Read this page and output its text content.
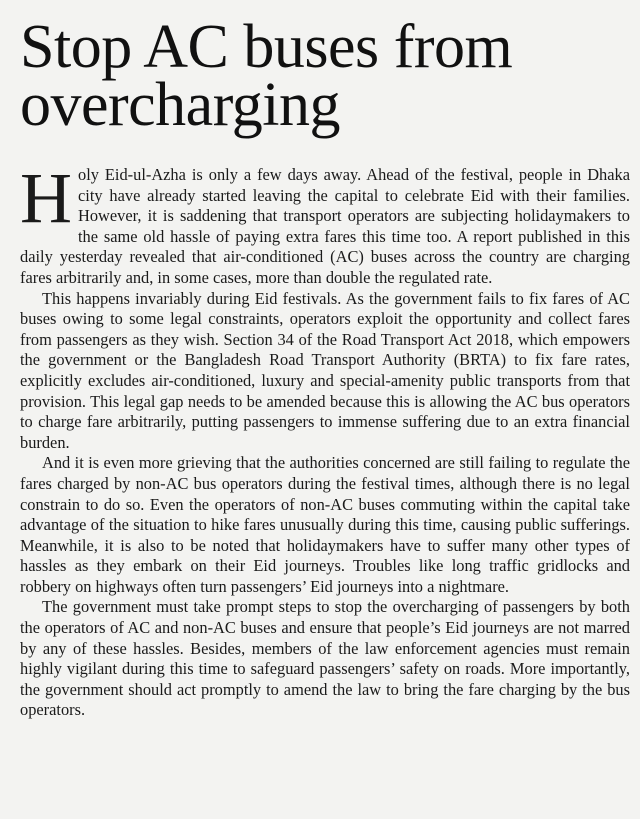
Stop AC buses from overcharging

Holy Eid-ul-Azha is only a few days away. Ahead of the festival, people in Dhaka city have already started leaving the capital to celebrate Eid with their families. However, it is saddening that transport operators are subjecting holidaymakers to the same old hassle of paying extra fares this time too. A report published in this daily yesterday revealed that air-conditioned (AC) buses across the country are charging fares arbitrarily and, in some cases, more than double the regulated rate.

This happens invariably during Eid festivals. As the government fails to fix fares of AC buses owing to some legal constraints, operators exploit the opportunity and collect fares from passengers as they wish. Section 34 of the Road Transport Act 2018, which empowers the government or the Bangladesh Road Transport Authority (BRTA) to fix fare rates, explicitly excludes air-conditioned, luxury and special-amenity public transports from that provision. This legal gap needs to be amended because this is allowing the AC bus operators to charge fare arbitrarily, putting passengers to immense suffering due to an extra financial burden.

And it is even more grieving that the authorities concerned are still failing to regulate the fares charged by non-AC bus operators during the festival times, although there is no legal constrain to do so. Even the operators of non-AC buses commuting within the capital take advantage of the situation to hike fares unusually during this time, causing public sufferings. Meanwhile, it is also to be noted that holidaymakers have to suffer many other types of hassles as they embark on their Eid journeys. Troubles like long traffic gridlocks and robbery on highways often turn passengers’ Eid journeys into a nightmare.

The government must take prompt steps to stop the overcharging of passengers by both the operators of AC and non-AC buses and ensure that people’s Eid journeys are not marred by any of these hassles. Besides, members of the law enforcement agencies must remain highly vigilant during this time to safeguard passengers’ safety on roads. More importantly, the government should act promptly to amend the law to bring the fare charging by the bus operators.
